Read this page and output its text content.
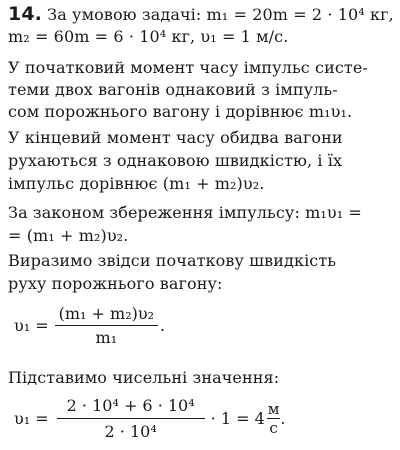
14. За умовою задачі: m₁ = 20m = 2 · 10⁴ кг,
m₂ = 60m = 6 · 10⁴ кг, υ₁ = 1 м/с.
У початковий момент часу імпульс систе-
теми двох вагонів однаковий з імпуль-
сом порожнього вагону і дорівнює m₁υ₁.
У кінцевий момент часу обидва вагони
рухаються з однаковою швидкістю, і їх
імпульс дорівнює (m₁ + m₂)υ₂.
За законом збереження імпульсу: m₁υ₁ =
= (m₁ + m₂)υ₂.
Виразимо звідси початкову швидкість
руху порожнього вагону:
$\upsilon_1 = \frac{\text{(m₁ + m₂)υ₂}}{\text{m₁}}$ .
Підставимо чисельні значення:
$\upsilon_1 = \frac{\text{2 · 10⁴ + 6 · 10⁴}}{\text{2 · 10⁴}} \cdot 1 = 4 \frac{м}{с}$ .
